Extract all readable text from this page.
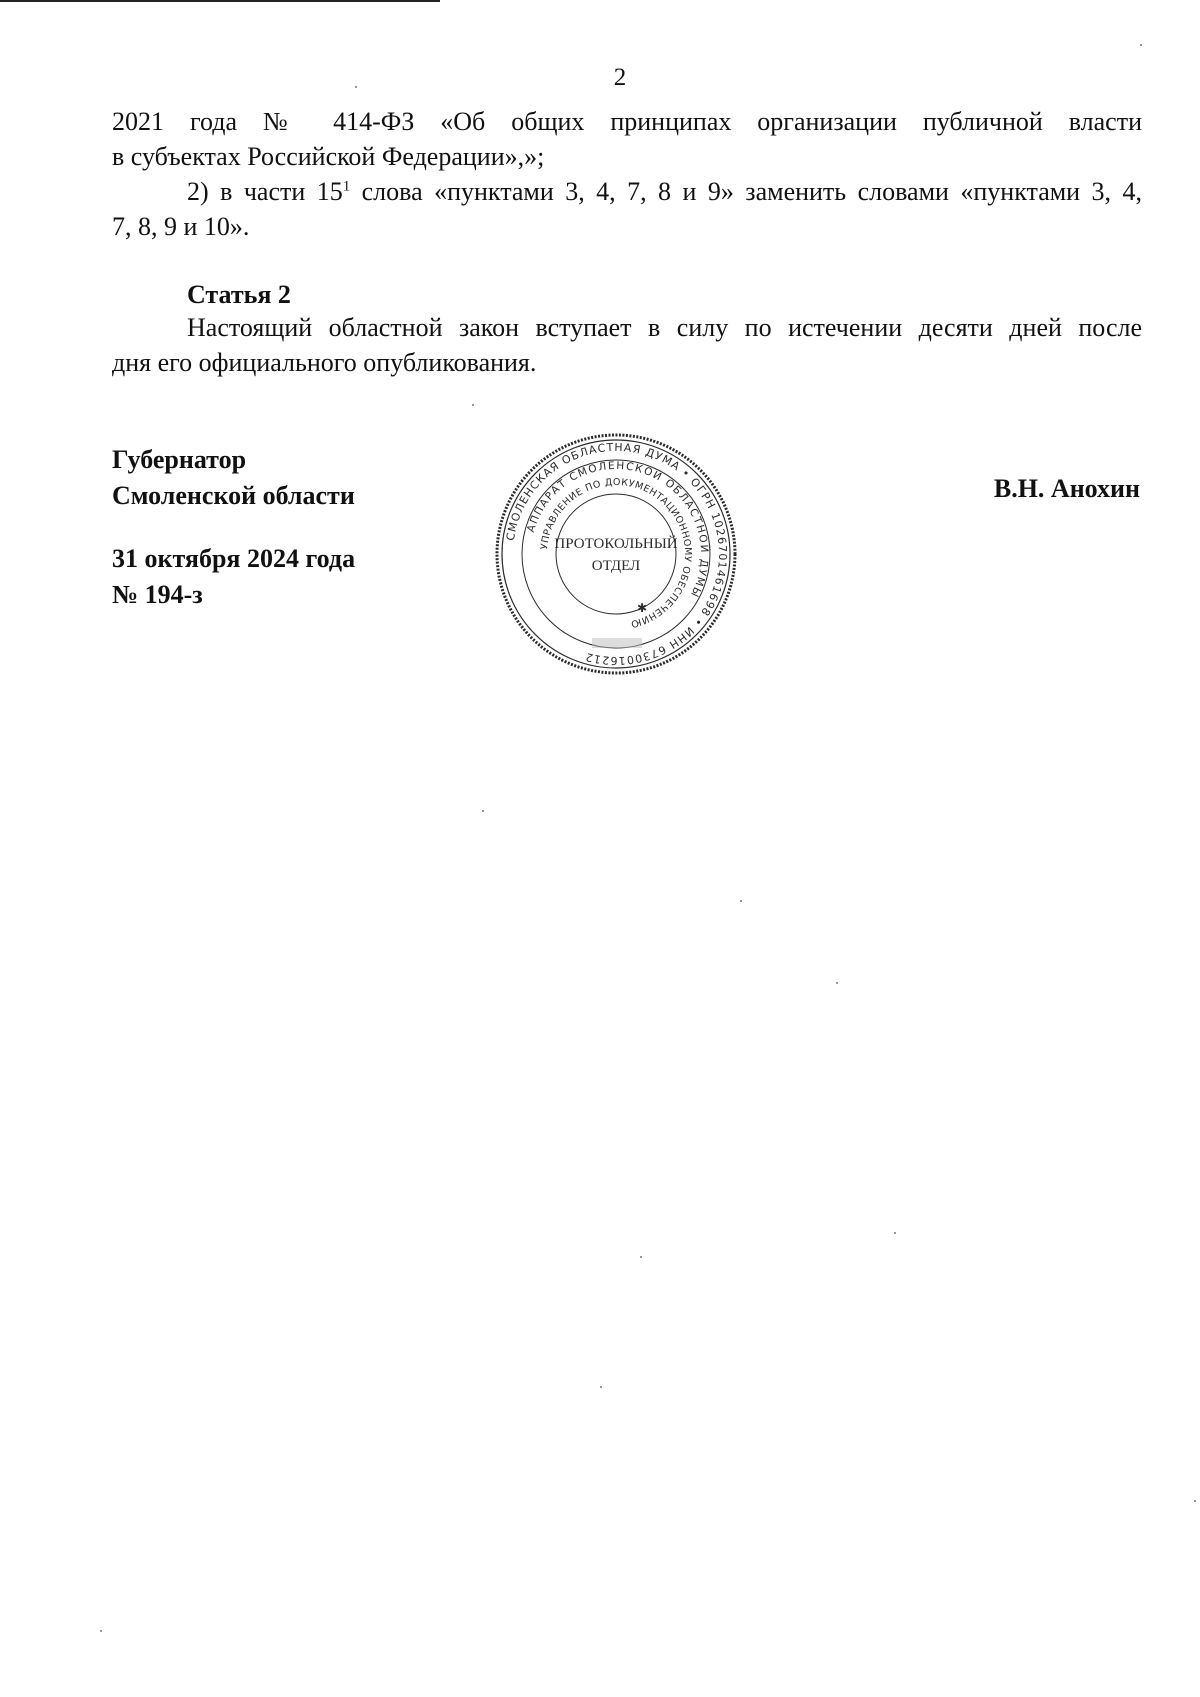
2
2021 года № 414-ФЗ «Об общих принципах организации публичной власти
в субъектах Российской Федерации»,»;
2) в части $15^1$ слова «пунктами 3, 4, 7, 8 и 9» заменить словами «пунктами 3, 4,
7, 8, 9 и 10».
Статья 2
Настоящий областной закон вступает в силу по истечении десяти дней после
дня его официального опубликования.
Губернатор
Смоленской области	В.Н. Анохин
31 октября 2024 года
№ 194-з
СМОЛЕНСКАЯ ОБЛАСТНАЯ ДУМА • ОГРН 1026701461698 • ИНН 6730016212
АППАРАТ СМОЛЕНСКОЙ ОБЛАСТНОЙ ДУМЫ
УПРАВЛЕНИЕ ПО ДОКУМЕНТАЦИОННОМУ ОБЕСПЕЧЕНИЮ
ПРОТОКОЛЬНЫЙ
ОТДЕЛ
✱
